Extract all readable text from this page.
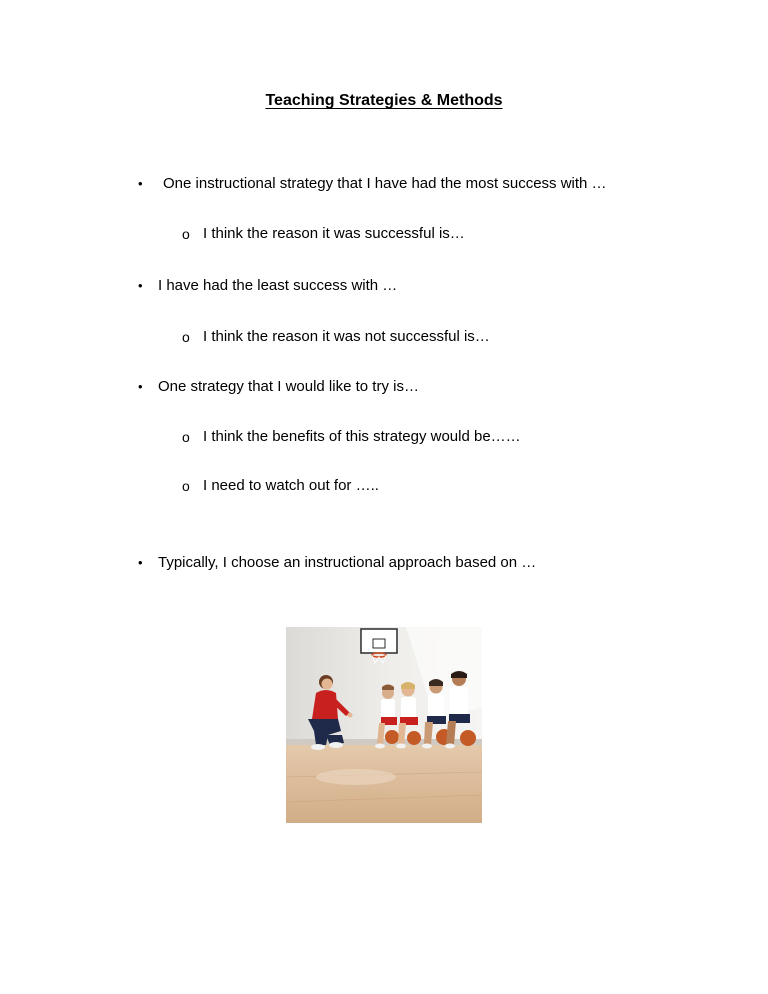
Teaching Strategies & Methods
• One instructional strategy that I have had the most success with …
o I think the reason it was successful is…
• I have had the least success with …
o I think the reason it was not successful is…
• One strategy that I would like to try is…
o I think the benefits of this strategy would be……
o I need to watch out for …..
• Typically, I choose an instructional approach based on …
